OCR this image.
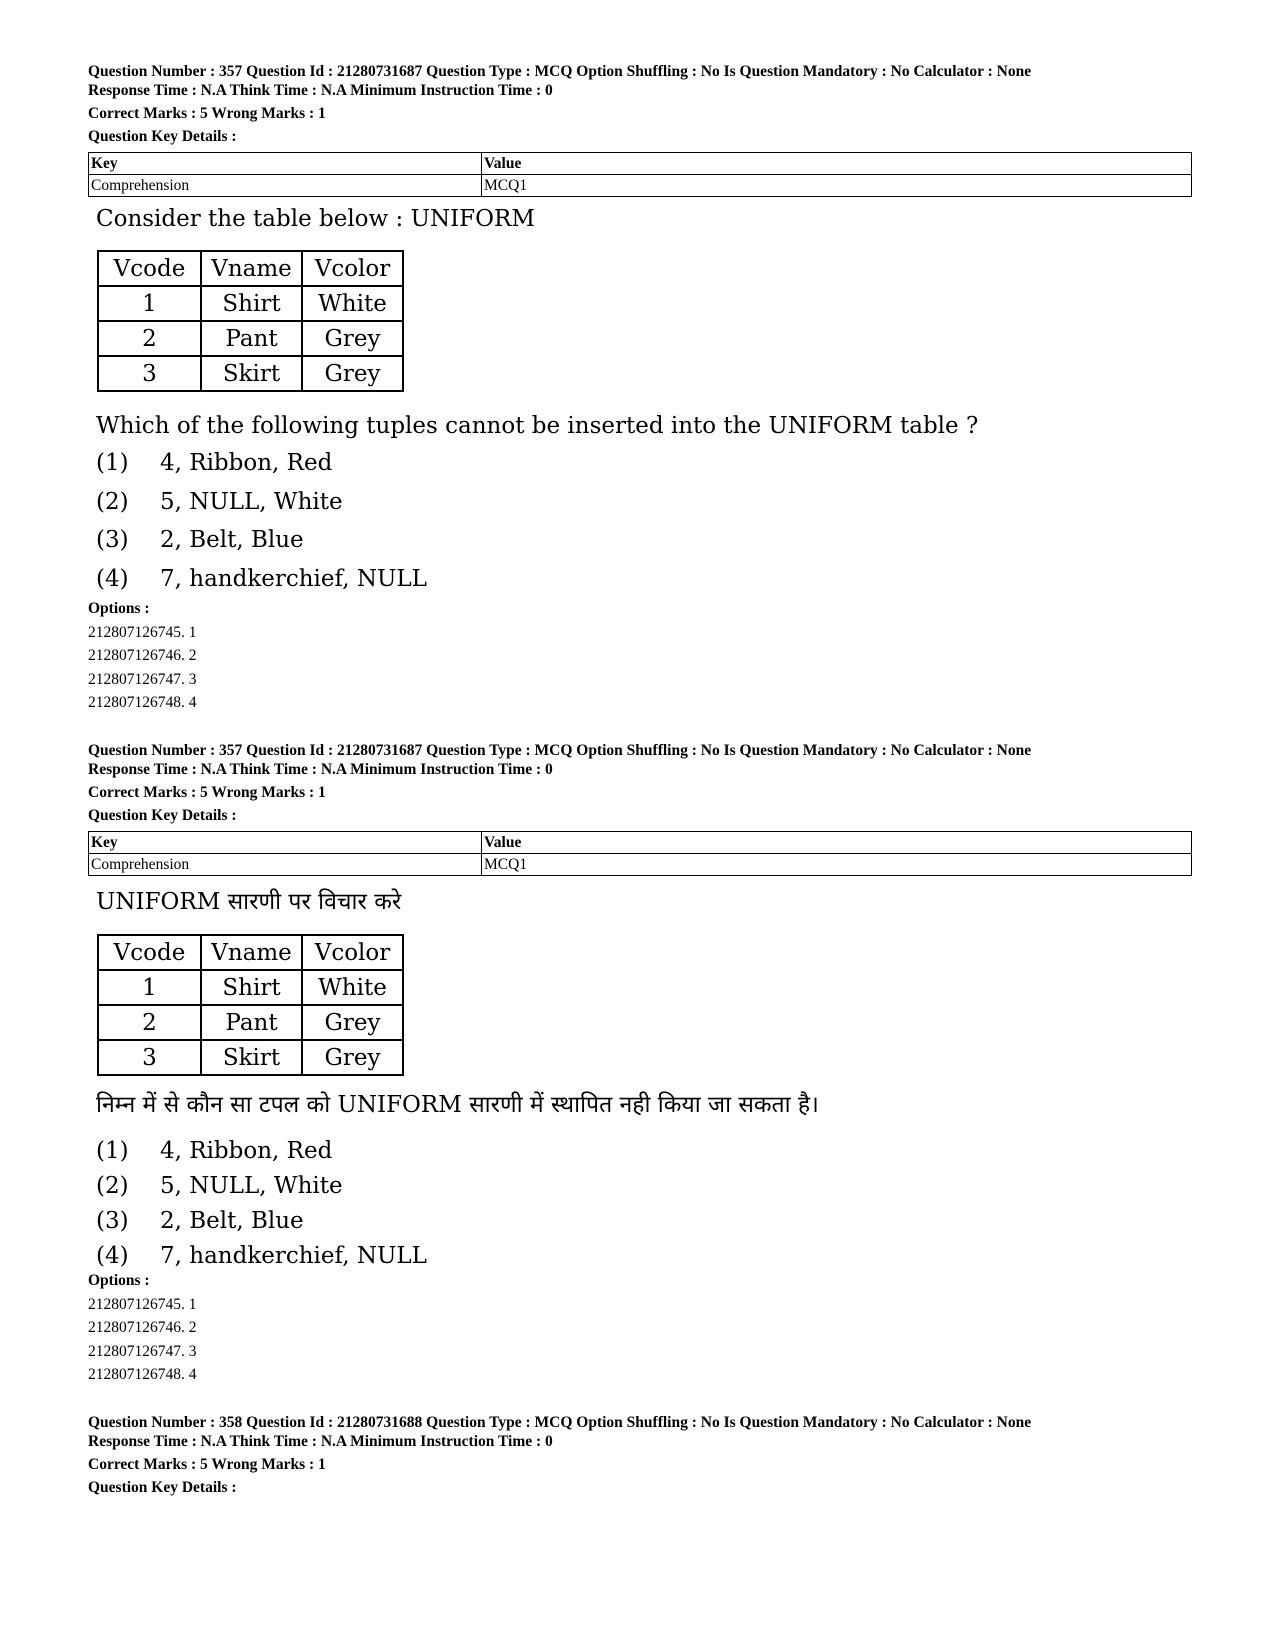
Question Number : 357 Question Id : 21280731687 Question Type : MCQ Option Shuffling : No Is Question Mandatory : No Calculator : None
Response Time : N.A Think Time : N.A Minimum Instruction Time : 0
Correct Marks : 5 Wrong Marks : 1
Question Key Details :
Key	Value
Comprehension	MCQ1
Consider the table below : UNIFORM
Vcode	Vname	Vcolor
1	Shirt	White
2	Pant	Grey
3	Skirt	Grey
Which of the following tuples cannot be inserted into the UNIFORM table ?
(1) 4, Ribbon, Red
(2) 5, NULL, White
(3) 2, Belt, Blue
(4) 7, handkerchief, NULL
Options :
212807126745. 1
212807126746. 2
212807126747. 3
212807126748. 4
Question Number : 357 Question Id : 21280731687 Question Type : MCQ Option Shuffling : No Is Question Mandatory : No Calculator : None
Response Time : N.A Think Time : N.A Minimum Instruction Time : 0
Correct Marks : 5 Wrong Marks : 1
Question Key Details :
Key	Value
Comprehension	MCQ1
UNIFORM सारणी पर विचार करे
Vcode	Vname	Vcolor
1	Shirt	White
2	Pant	Grey
3	Skirt	Grey
निम्न में से कौन सा टपल को UNIFORM सारणी में स्थापित नही किया जा सकता है।
(1) 4, Ribbon, Red
(2) 5, NULL, White
(3) 2, Belt, Blue
(4) 7, handkerchief, NULL
Options :
212807126745. 1
212807126746. 2
212807126747. 3
212807126748. 4
Question Number : 358 Question Id : 21280731688 Question Type : MCQ Option Shuffling : No Is Question Mandatory : No Calculator : None
Response Time : N.A Think Time : N.A Minimum Instruction Time : 0
Correct Marks : 5 Wrong Marks : 1
Question Key Details :
